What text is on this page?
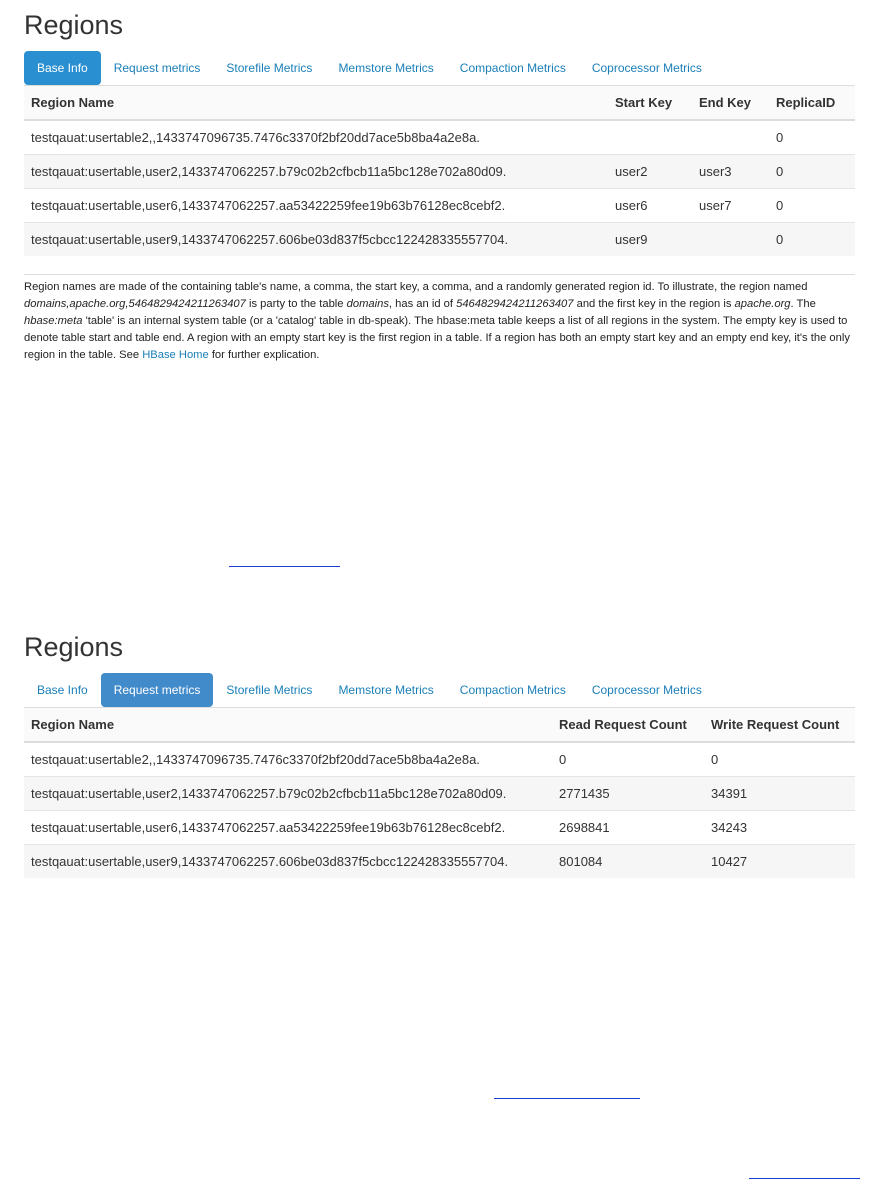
Regions
Base Info	Request metrics	Storefile Metrics	Memstore Metrics	Compaction Metrics	Coprocessor Metrics
Region Name	Start Key	End Key	ReplicaID
testqauat:usertable2,,1433747096735.7476c3370f2bf20dd7ace5b8ba4a2e8a.			0
testqauat:usertable,user2,1433747062257.b79c02b2cfbcb11a5bc128e702a80d09.	user2	user3	0
testqauat:usertable,user6,1433747062257.aa53422259fee19b63b76128ec8cebf2.	user6	user7	0
testqauat:usertable,user9,1433747062257.606be03d837f5cbcc122428335557704.	user9		0
Region names are made of the containing table's name, a comma, the start key, a comma, and a randomly generated region id. To illustrate, the region named domains,apache.org,5464829424211263407 is party to the table domains, has an id of 5464829424211263407 and the first key in the region is apache.org. The hbase:meta 'table' is an internal system table (or a 'catalog' table in db-speak). The hbase:meta table keeps a list of all regions in the system. The empty key is used to denote table start and table end. A region with an empty start key is the first region in a table. If a region has both an empty start key and an empty end key, it's the only region in the table. See HBase Home for further explication.
Regions
Base Info	Request metrics	Storefile Metrics	Memstore Metrics	Compaction Metrics	Coprocessor Metrics
Region Name	Read Request Count	Write Request Count
testqauat:usertable2,,1433747096735.7476c3370f2bf20dd7ace5b8ba4a2e8a.	0	0
testqauat:usertable,user2,1433747062257.b79c02b2cfbcb11a5bc128e702a80d09.	2771435	34391
testqauat:usertable,user6,1433747062257.aa53422259fee19b63b76128ec8cebf2.	2698841	34243
testqauat:usertable,user9,1433747062257.606be03d837f5cbcc122428335557704.	801084	10427
